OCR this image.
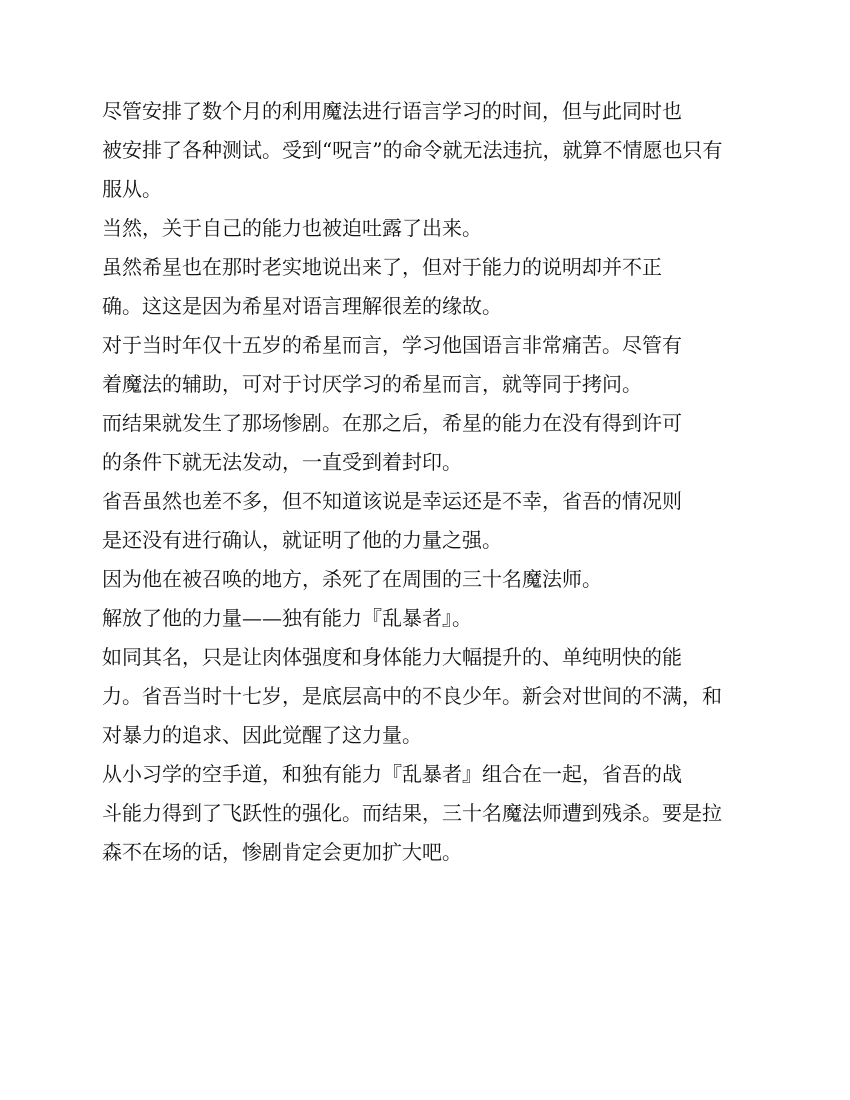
尽管安排了数个月的利用魔法进行语言学习的时间，但与此同时也
被安排了各种测试。受到“呪言”的命令就无法违抗，就算不情愿也只有
服从。
当然，关于自己的能力也被迫吐露了出来。
虽然希星也在那时老实地说出来了，但对于能力的说明却并不正
确。这这是因为希星对语言理解很差的缘故。
对于当时年仅十五岁的希星而言，学习他国语言非常痛苦。尽管有
着魔法的辅助，可对于讨厌学习的希星而言，就等同于拷问。
而结果就发生了那场惨剧。在那之后，希星的能力在没有得到许可
的条件下就无法发动，一直受到着封印。
省吾虽然也差不多，但不知道该说是幸运还是不幸，省吾的情况则
是还没有进行确认，就证明了他的力量之强。
因为他在被召唤的地方，杀死了在周围的三十名魔法师。
解放了他的力量——独有能力『乱暴者』。
如同其名，只是让肉体强度和身体能力大幅提升的、单纯明快的能
力。省吾当时十七岁，是底层高中的不良少年。新会对世间的不满，和
对暴力的追求、因此觉醒了这力量。
从小习学的空手道，和独有能力『乱暴者』组合在一起，省吾的战
斗能力得到了飞跃性的强化。而结果，三十名魔法师遭到残杀。要是拉
森不在场的话，惨剧肯定会更加扩大吧。
